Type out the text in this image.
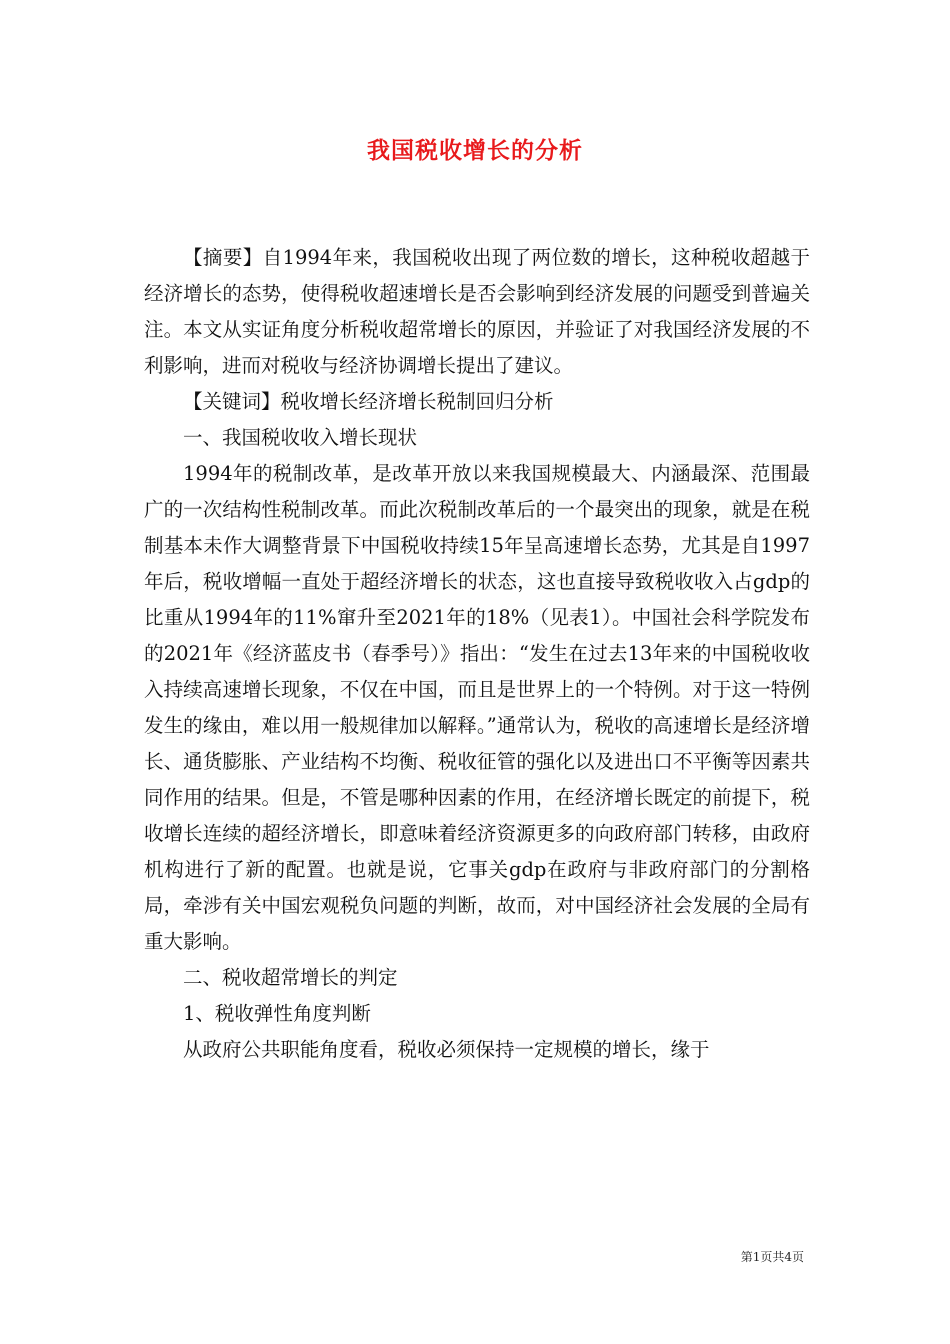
我国税收增长的分析

【摘要】自1994年来，我国税收出现了两位数的增长，这种税收超越于经济增长的态势，使得税收超速增长是否会影响到经济发展的问题受到普遍关注。本文从实证角度分析税收超常增长的原因，并验证了对我国经济发展的不利影响，进而对税收与经济协调增长提出了建议。

【关键词】税收增长经济增长税制回归分析

一、我国税收收入增长现状

1994年的税制改革，是改革开放以来我国规模最大、内涵最深、范围最广的一次结构性税制改革。而此次税制改革后的一个最突出的现象，就是在税制基本未作大调整背景下中国税收持续15年呈高速增长态势，尤其是自1997年后，税收增幅一直处于超经济增长的状态，这也直接导致税收收入占gdp的比重从1994年的11%窜升至2021年的18%（见表1）。中国社会科学院发布的2021年《经济蓝皮书（春季号）》指出：“发生在过去13年来的中国税收收入持续高速增长现象，不仅在中国，而且是世界上的一个特例。对于这一特例发生的缘由，难以用一般规律加以解释。”通常认为，税收的高速增长是经济增长、通货膨胀、产业结构不均衡、税收征管的强化以及进出口不平衡等因素共同作用的结果。但是，不管是哪种因素的作用，在经济增长既定的前提下，税收增长连续的超经济增长，即意味着经济资源更多的向政府部门转移，由政府机构进行了新的配置。也就是说，它事关gdp在政府与非政府部门的分割格局，牵涉有关中国宏观税负问题的判断，故而，对中国经济社会发展的全局有重大影响。

二、税收超常增长的判定

1、税收弹性角度判断

从政府公共职能角度看，税收必须保持一定规模的增长，缘于

第1页共4页
